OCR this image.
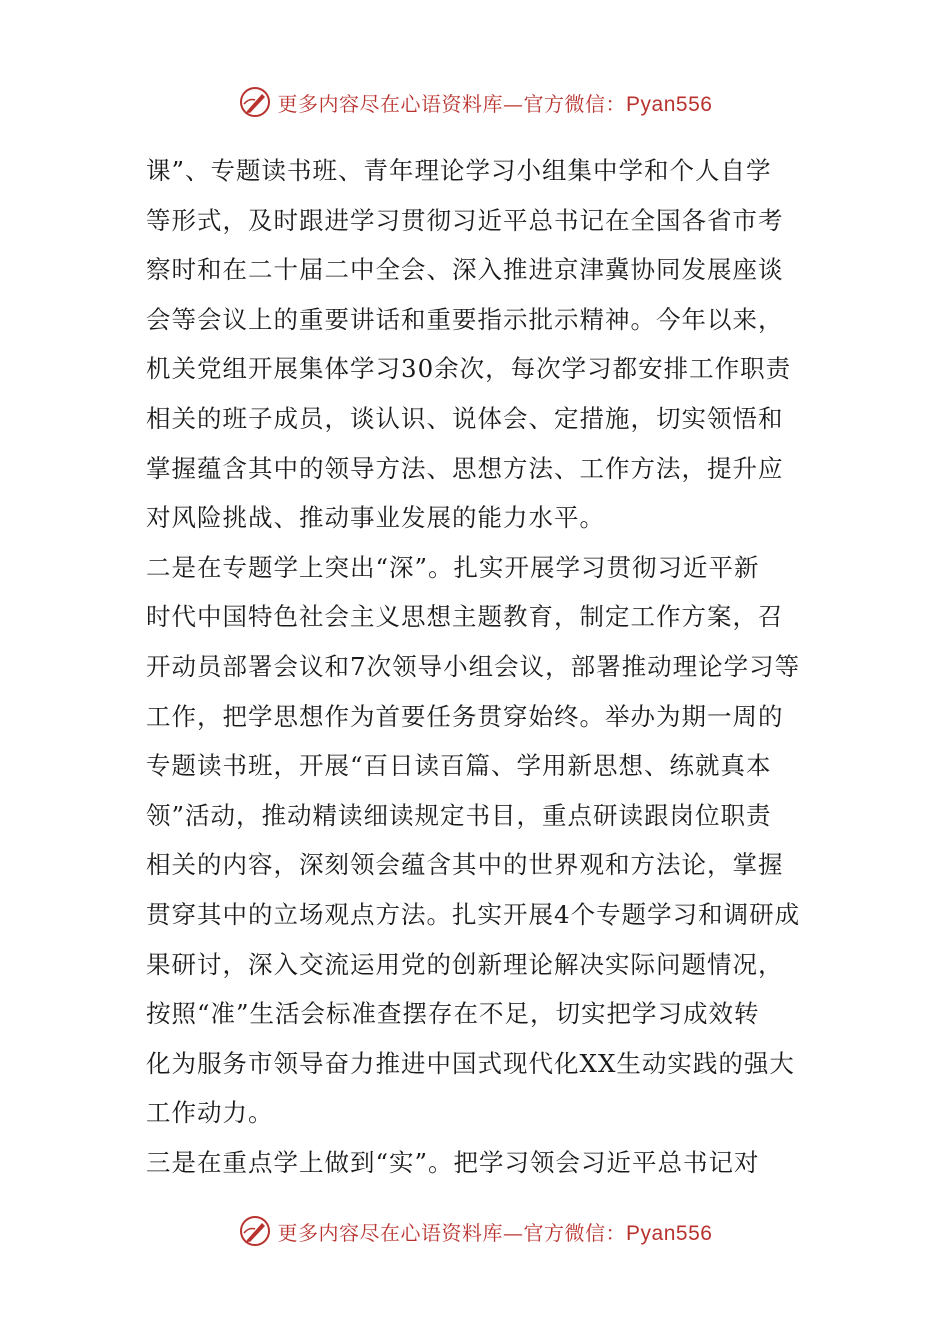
更多内容尽在心语资料库—官方微信：Pyan556
课”、专题读书班、青年理论学习小组集中学和个人自学
等形式，及时跟进学习贯彻习近平总书记在全国各省市考
察时和在二十届二中全会、深入推进京津冀协同发展座谈
会等会议上的重要讲话和重要指示批示精神。今年以来，
机关党组开展集体学习30余次，每次学习都安排工作职责
相关的班子成员，谈认识、说体会、定措施，切实领悟和
掌握蕴含其中的领导方法、思想方法、工作方法，提升应
对风险挑战、推动事业发展的能力水平。
二是在专题学上突出“深”。扎实开展学习贯彻习近平新
时代中国特色社会主义思想主题教育，制定工作方案，召
开动员部署会议和7次领导小组会议，部署推动理论学习等
工作，把学思想作为首要任务贯穿始终。举办为期一周的
专题读书班，开展“百日读百篇、学用新思想、练就真本
领”活动，推动精读细读规定书目，重点研读跟岗位职责
相关的内容，深刻领会蕴含其中的世界观和方法论，掌握
贯穿其中的立场观点方法。扎实开展4个专题学习和调研成
果研讨，深入交流运用党的创新理论解决实际问题情况，
按照“准”生活会标准查摆存在不足，切实把学习成效转
化为服务市领导奋力推进中国式现代化XX生动实践的强大
工作动力。
三是在重点学上做到“实”。把学习领会习近平总书记对
更多内容尽在心语资料库—官方微信：Pyan556
